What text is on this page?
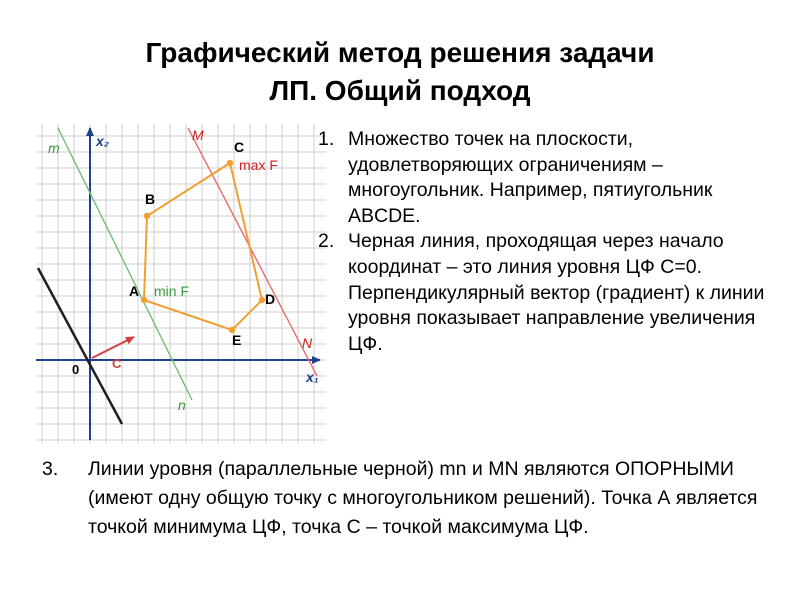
Графический метод решения задачи
ЛП. Общий подход
x₂
x₁
0
m
n
M
N
A
B
C
D
E
C
max F
min F
1. Множество точек на плоскости, удовлетворяющих ограничениям – многоугольник. Например, пятиугольник ABCDE.
2. Черная линия, проходящая через начало координат – это линия уровня ЦФ C=0. Перпендикулярный вектор (градиент) к линии уровня показывает направление увеличения ЦФ.
3.	Линии уровня (параллельные черной) mn и MN являются ОПОРНЫМИ (имеют одну общую точку с многоугольником решений). Точка А является точкой минимума ЦФ, точка С – точкой максимума ЦФ.
